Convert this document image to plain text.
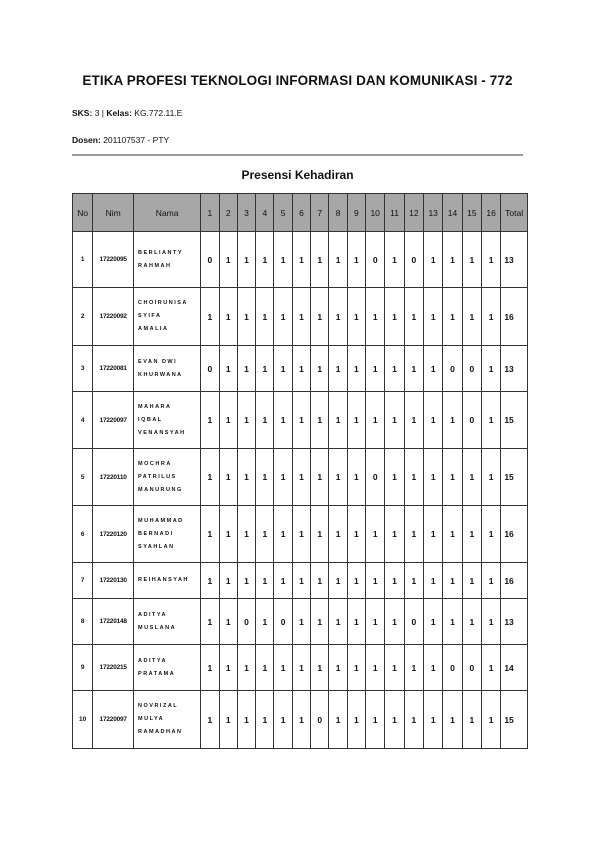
ETIKA PROFESI TEKNOLOGI INFORMASI DAN KOMUNIKASI - 772
SKS: 3 | Kelas: KG.772.11.E
Dosen: 201107537 - PTY
Presensi Kehadiran
No	Nim	Nama	1	2	3	4	5	6	7	8	9	10	11	12	13	14	15	16	Total
1	17220095	BERLIANTY
RAHMAH	0	1	1	1	1	1	1	1	1	0	1	0	1	1	1	1	13
2	17220092	CHOIRUNISA
SYIFA
AMALIA	1	1	1	1	1	1	1	1	1	1	1	1	1	1	1	1	16
3	17220081	EVAN DWI
KHURWANA	0	1	1	1	1	1	1	1	1	1	1	1	1	0	0	1	13
4	17220097	MAHARA
IQBAL
VENANSYAH	1	1	1	1	1	1	1	1	1	1	1	1	1	1	0	1	15
5	17220110	MOCHRA
PATRILUS
MANURUNG	1	1	1	1	1	1	1	1	1	0	1	1	1	1	1	1	15
6	17220120	MUHAMMAD
BERNADI
SYAHLAN	1	1	1	1	1	1	1	1	1	1	1	1	1	1	1	1	16
7	17220130	REIHANSYAH	1	1	1	1	1	1	1	1	1	1	1	1	1	1	1	1	16
8	17220148	ADITYA
MUSLANA	1	1	0	1	0	1	1	1	1	1	1	0	1	1	1	1	13
9	17220215	ADITYA
PRATAMA	1	1	1	1	1	1	1	1	1	1	1	1	1	0	0	1	14
10	17220097	NOVRIZAL
MULYA
RAMADHAN	1	1	1	1	1	1	0	1	1	1	1	1	1	1	1	1	15
